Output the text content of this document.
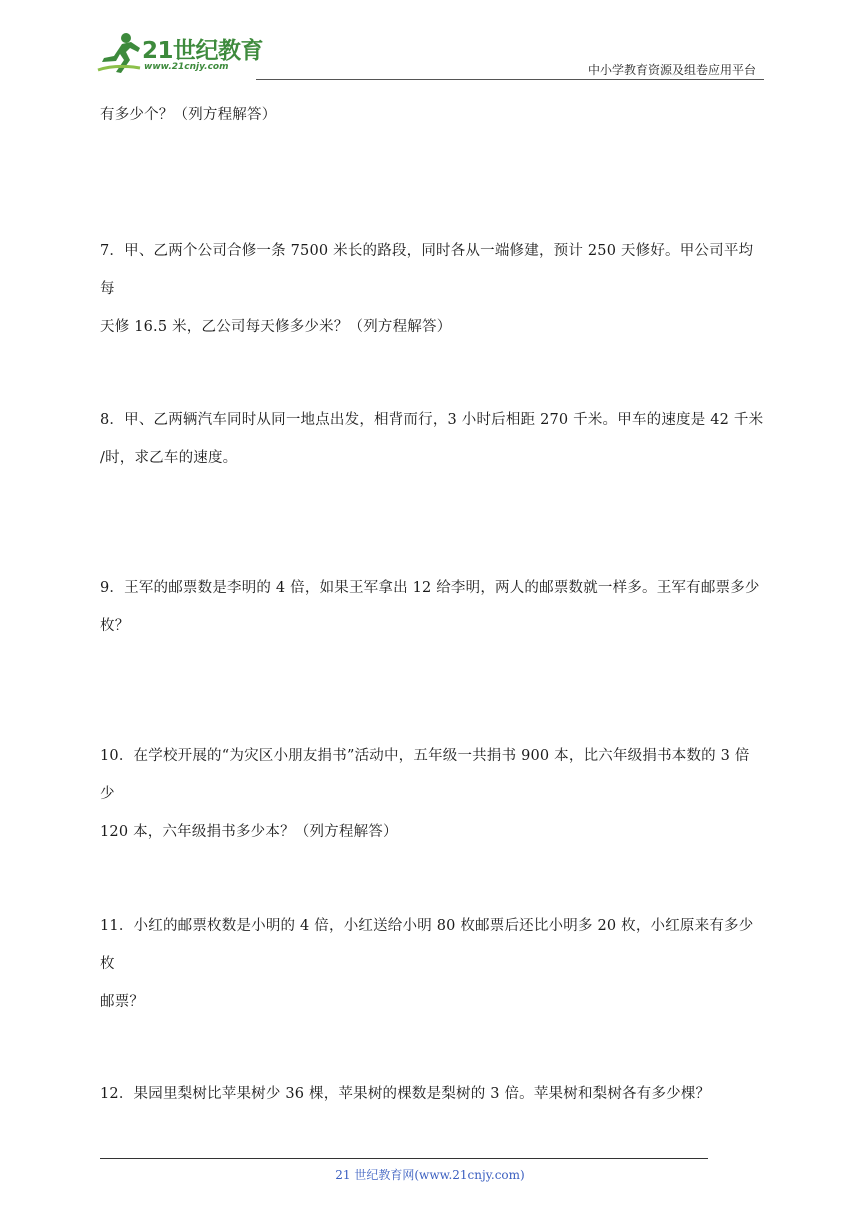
21世纪教育
www.21cnjy.com	中小学教育资源及组卷应用平台
有多少个？（列方程解答）
7．甲、乙两个公司合修一条 7500 米长的路段，同时各从一端修建，预计 250 天修好。甲公司平均每
天修 16.5 米，乙公司每天修多少米？（列方程解答）
8．甲、乙两辆汽车同时从同一地点出发，相背而行，3 小时后相距 270 千米。甲车的速度是 42 千米
/时，求乙车的速度。
9．王军的邮票数是李明的 4 倍，如果王军拿出 12 给李明，两人的邮票数就一样多。王军有邮票多少
枚？
10．在学校开展的“为灾区小朋友捐书”活动中，五年级一共捐书 900 本，比六年级捐书本数的 3 倍少
120 本，六年级捐书多少本？（列方程解答）
11．小红的邮票枚数是小明的 4 倍，小红送给小明 80 枚邮票后还比小明多 20 枚，小红原来有多少枚
邮票？
12．果园里梨树比苹果树少 36 棵，苹果树的棵数是梨树的 3 倍。苹果树和梨树各有多少棵？
21 世纪教育网(www.21cnjy.com)
